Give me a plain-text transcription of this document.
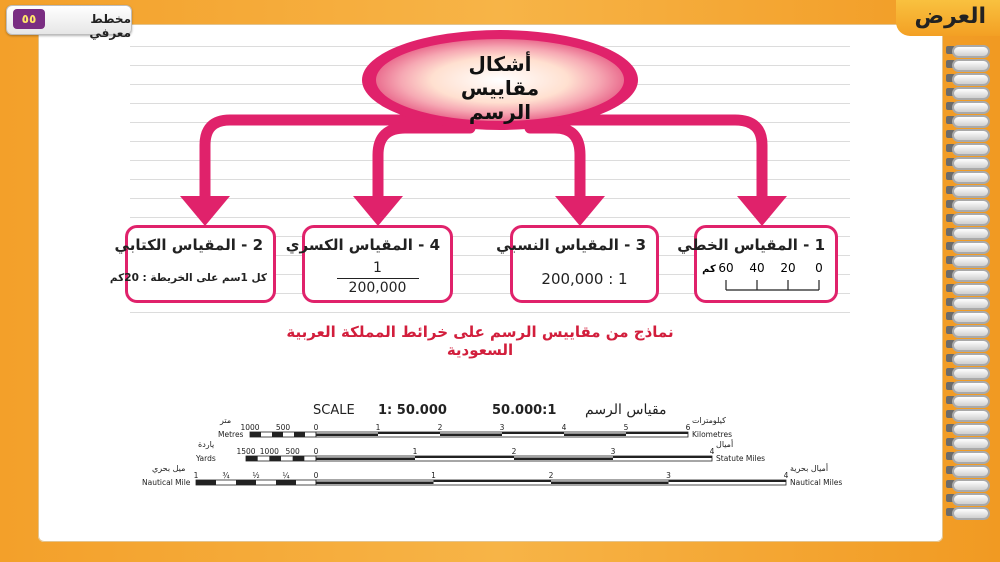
٥٥	مخطط معرفي
العرض
أشكال
مقاييس الرسم
1 - المقياس الخطي
0
20
40
60
كم
3 - المقياس النسبي
200,000 : 1
4 - المقياس الكسري
1
200,000
2 - المقياس الكتابي
كل 1سم على الخريطة : 20كم
نماذج من مقاييس الرسم على خرائط المملكة العربية السعودية
SCALE 1: 50.000	50.000:1 مقياس الرسم
متر
Metres
1000 500	0	1	2	3	4	5	6
كيلومترات
Kilometres
ياردة
Yards
1500 1000 500 0	1	2	3	4
أميال
Statute Miles
ميل بحري
Nautical Mile
1	¾	½	¼	0	1	2	3	4
أميال بحرية
Nautical Miles
